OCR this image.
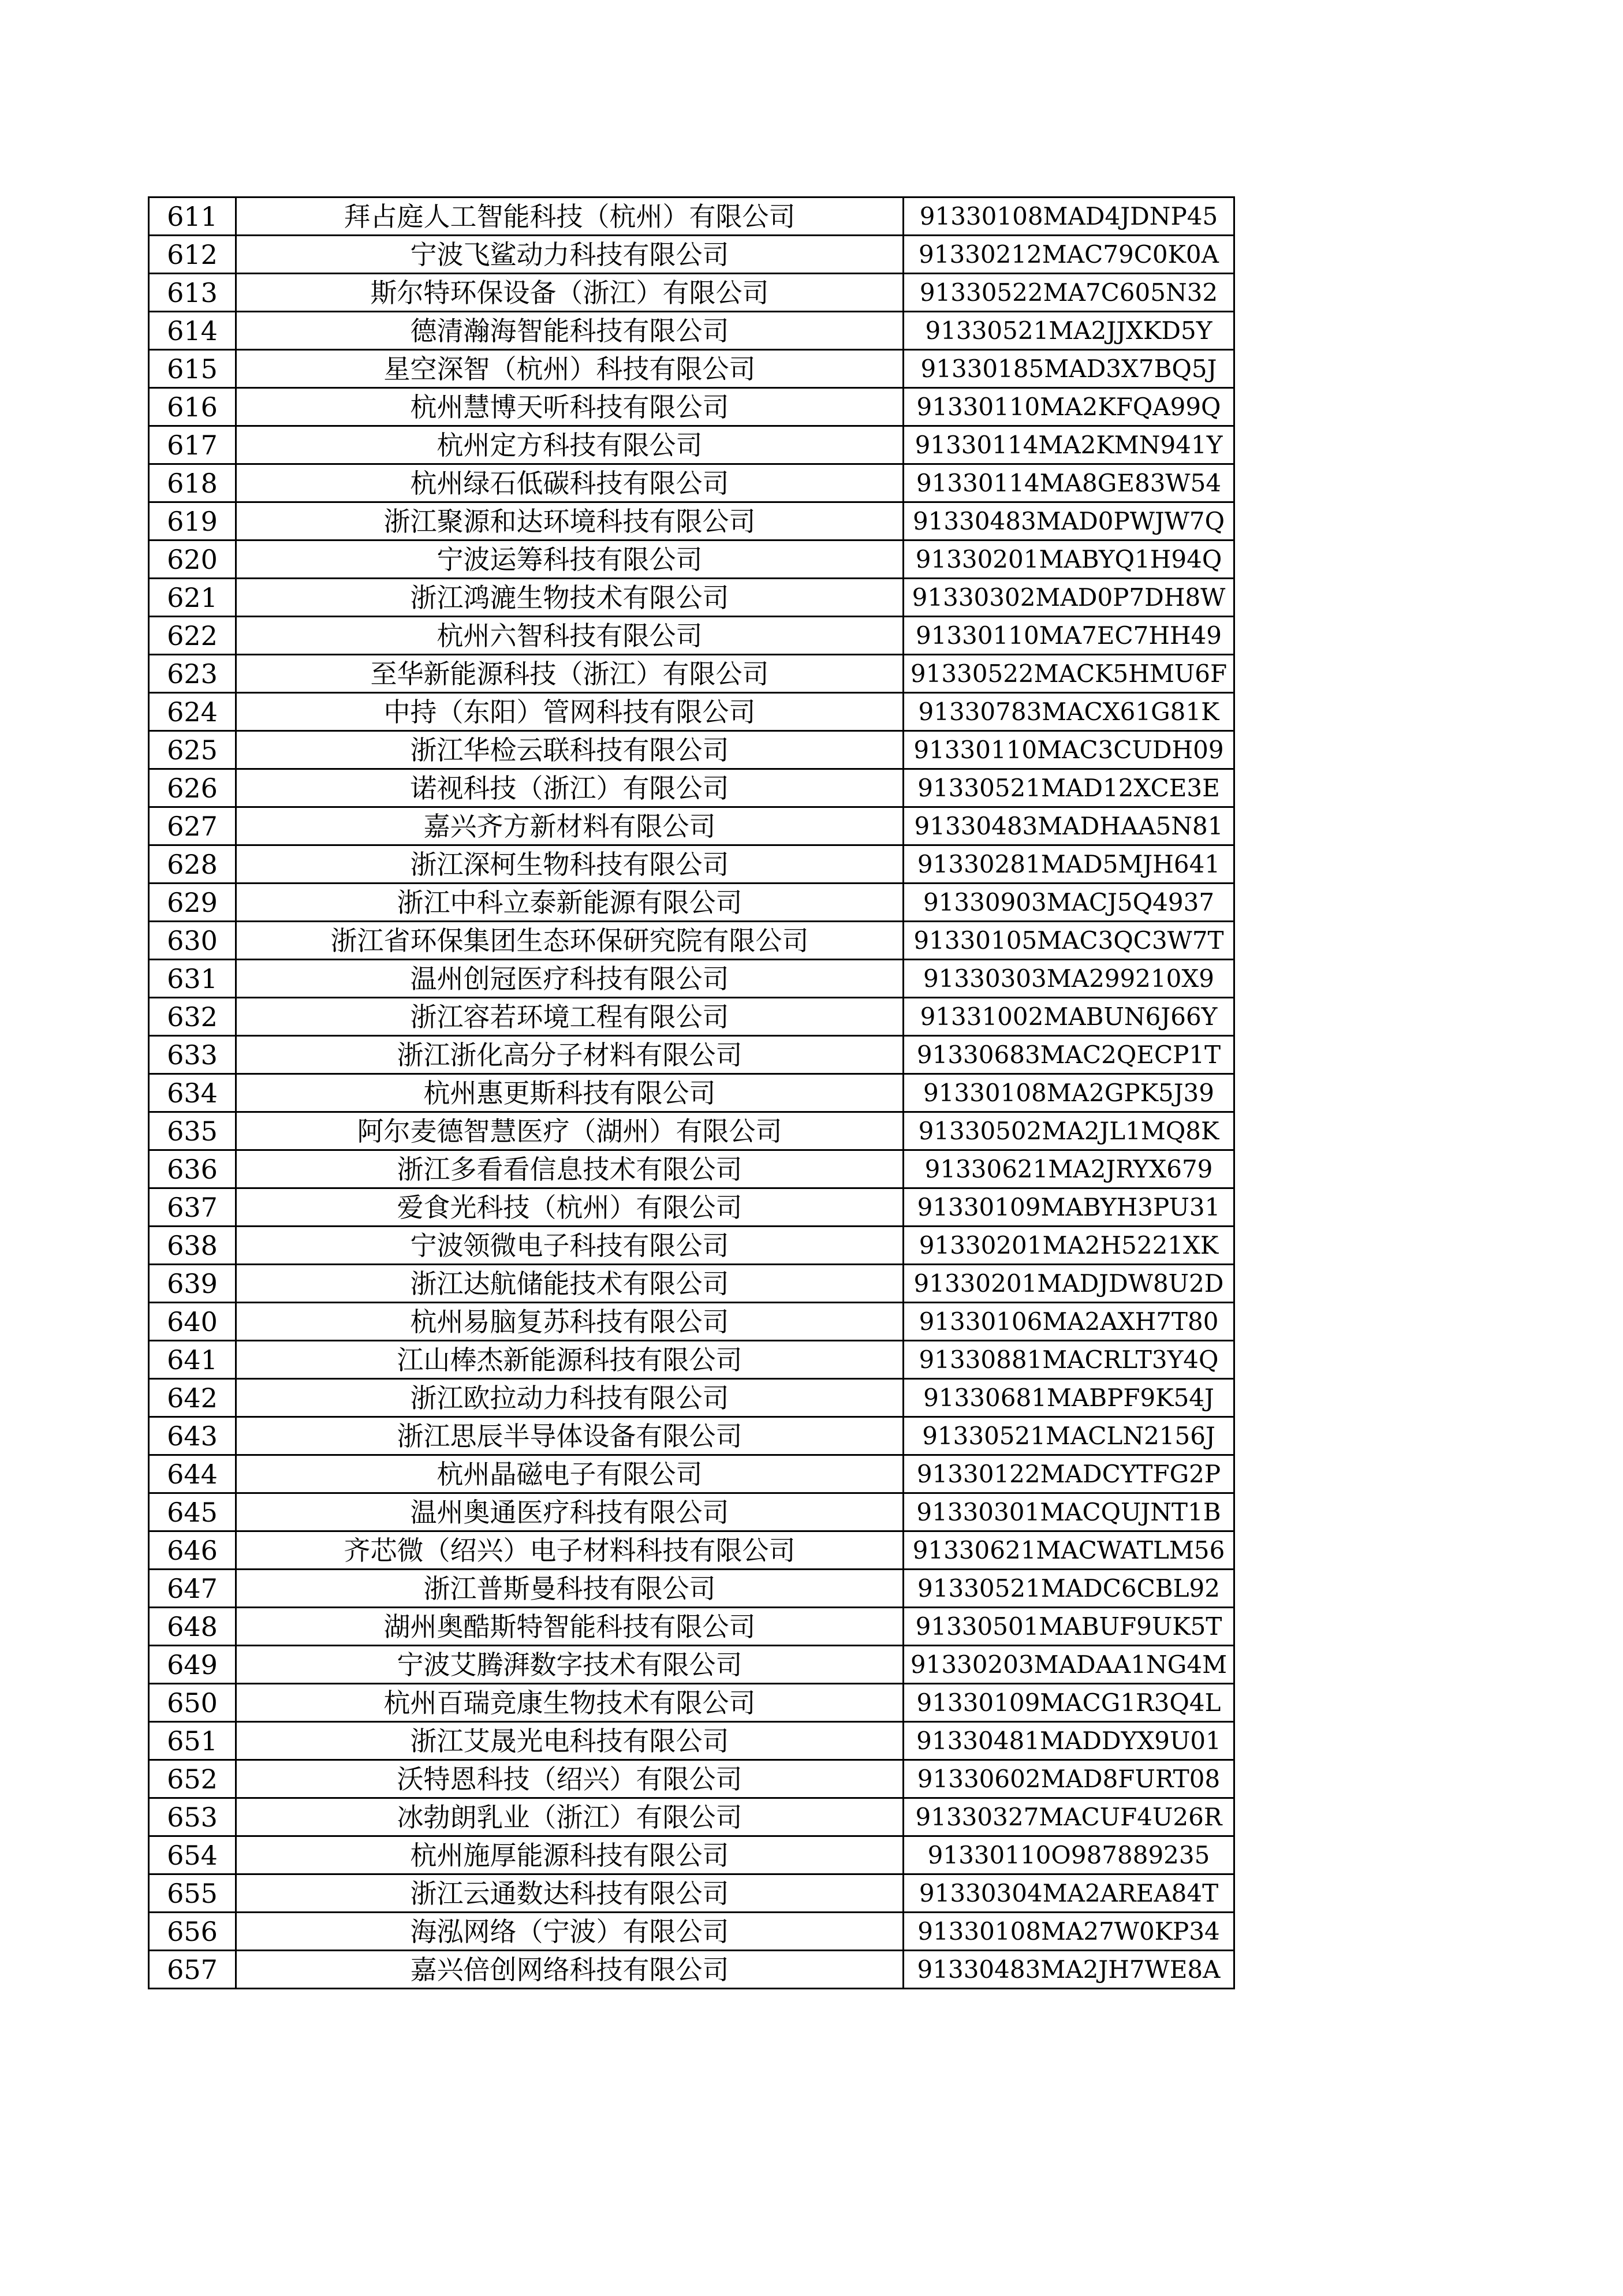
611	拜占庭人工智能科技（杭州）有限公司	91330108MAD4JDNP45
612	宁波飞鲨动力科技有限公司	91330212MAC79C0K0A
613	斯尔特环保设备（浙江）有限公司	91330522MA7C605N32
614	德清瀚海智能科技有限公司	91330521MA2JJXKD5Y
615	星空深智（杭州）科技有限公司	91330185MAD3X7BQ5J
616	杭州慧博天听科技有限公司	91330110MA2KFQA99Q
617	杭州定方科技有限公司	91330114MA2KMN941Y
618	杭州绿石低碳科技有限公司	91330114MA8GE83W54
619	浙江聚源和达环境科技有限公司	91330483MAD0PWJW7Q
620	宁波运筹科技有限公司	91330201MABYQ1H94Q
621	浙江鸿漉生物技术有限公司	91330302MAD0P7DH8W
622	杭州六智科技有限公司	91330110MA7EC7HH49
623	至华新能源科技（浙江）有限公司	91330522MACK5HMU6F
624	中持（东阳）管网科技有限公司	91330783MACX61G81K
625	浙江华检云联科技有限公司	91330110MAC3CUDH09
626	诺视科技（浙江）有限公司	91330521MAD12XCE3E
627	嘉兴齐方新材料有限公司	91330483MADHAA5N81
628	浙江深柯生物科技有限公司	91330281MAD5MJH641
629	浙江中科立泰新能源有限公司	91330903MACJ5Q4937
630	浙江省环保集团生态环保研究院有限公司	91330105MAC3QC3W7T
631	温州创冠医疗科技有限公司	91330303MA299210X9
632	浙江容若环境工程有限公司	91331002MABUN6J66Y
633	浙江浙化高分子材料有限公司	91330683MAC2QECP1T
634	杭州惠更斯科技有限公司	91330108MA2GPK5J39
635	阿尔麦德智慧医疗（湖州）有限公司	91330502MA2JL1MQ8K
636	浙江多看看信息技术有限公司	91330621MA2JRYX679
637	爱食光科技（杭州）有限公司	91330109MABYH3PU31
638	宁波领微电子科技有限公司	91330201MA2H5221XK
639	浙江达航储能技术有限公司	91330201MADJDW8U2D
640	杭州易脑复苏科技有限公司	91330106MA2AXH7T80
641	江山棒杰新能源科技有限公司	91330881MACRLT3Y4Q
642	浙江欧拉动力科技有限公司	91330681MABPF9K54J
643	浙江思辰半导体设备有限公司	91330521MACLN2156J
644	杭州晶磁电子有限公司	91330122MADCYTFG2P
645	温州奥通医疗科技有限公司	91330301MACQUJNT1B
646	齐芯微（绍兴）电子材料科技有限公司	91330621MACWATLM56
647	浙江普斯曼科技有限公司	91330521MADC6CBL92
648	湖州奥酷斯特智能科技有限公司	91330501MABUF9UK5T
649	宁波艾腾湃数字技术有限公司	91330203MADAA1NG4M
650	杭州百瑞竞康生物技术有限公司	91330109MACG1R3Q4L
651	浙江艾晟光电科技有限公司	91330481MADDYX9U01
652	沃特恩科技（绍兴）有限公司	91330602MAD8FURT08
653	冰勃朗乳业（浙江）有限公司	91330327MACUF4U26R
654	杭州施厚能源科技有限公司	91330110O987889235
655	浙江云通数达科技有限公司	91330304MA2AREA84T
656	海泓网络（宁波）有限公司	91330108MA27W0KP34
657	嘉兴倍创网络科技有限公司	91330483MA2JH7WE8A
